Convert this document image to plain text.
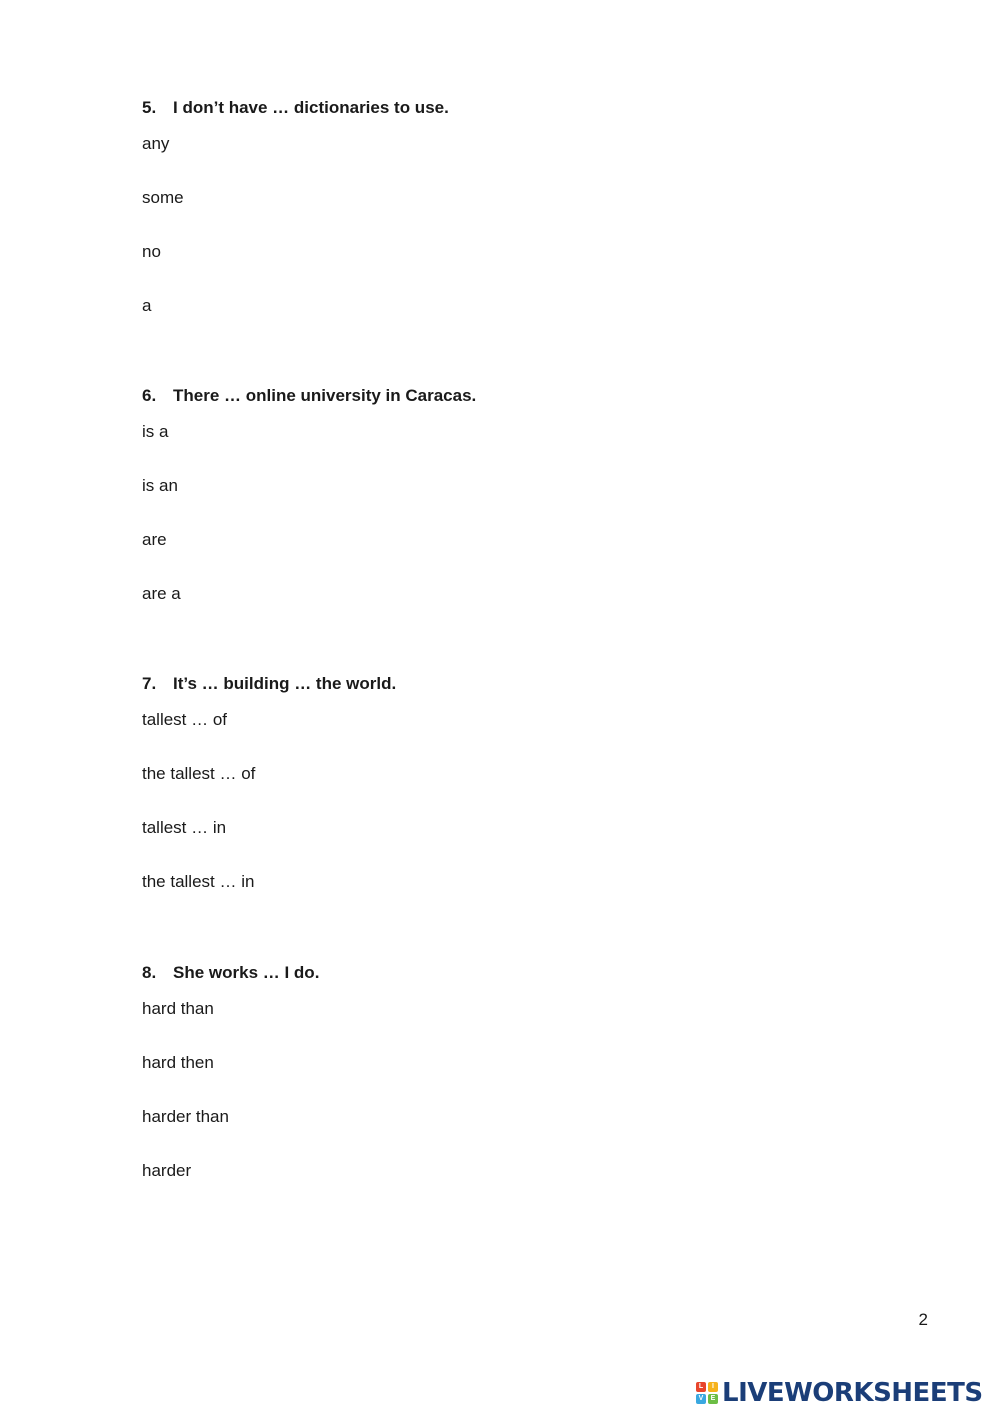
5. I don’t have … dictionaries to use.
any
some
no
a
6. There … online university in Caracas.
is a
is an
are
are a
7. It’s … building … the world.
tallest … of
the tallest … of
tallest … in
the tallest … in
8. She works … I do.
hard than
hard then
harder than
harder
2
L	I
V	E LIVEWORKSHEETS
